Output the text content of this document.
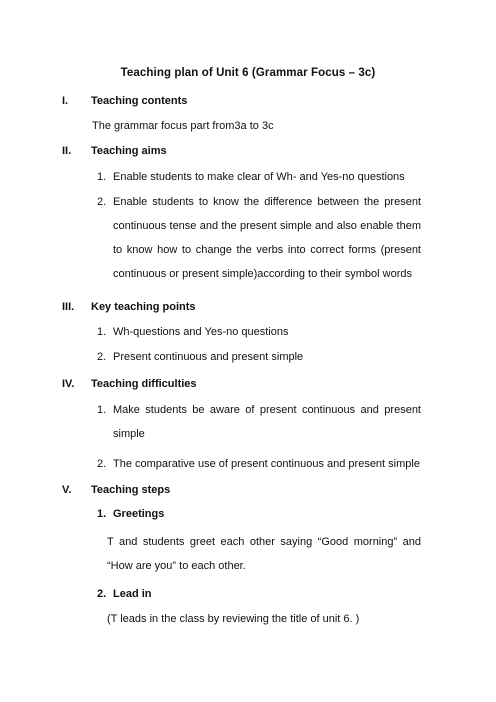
Teaching plan of Unit 6 (Grammar Focus – 3c)
I. Teaching contents
The grammar focus part from3a to 3c
II. Teaching aims
1. Enable students to make clear of Wh- and Yes-no questions
2. Enable students to know the difference between the present continuous tense and the present simple and also enable them to know how to change the verbs into correct forms (present continuous or present simple)according to their symbol words
III. Key teaching points
1. Wh-questions and Yes-no questions
2. Present continuous and present simple
IV. Teaching difficulties
1. Make students be aware of present continuous and present simple
2. The comparative use of present continuous and present simple
V. Teaching steps
1. Greetings
T and students greet each other saying “Good morning” and “How are you” to each other.
2. Lead in
(T leads in the class by reviewing the title of unit 6. )
